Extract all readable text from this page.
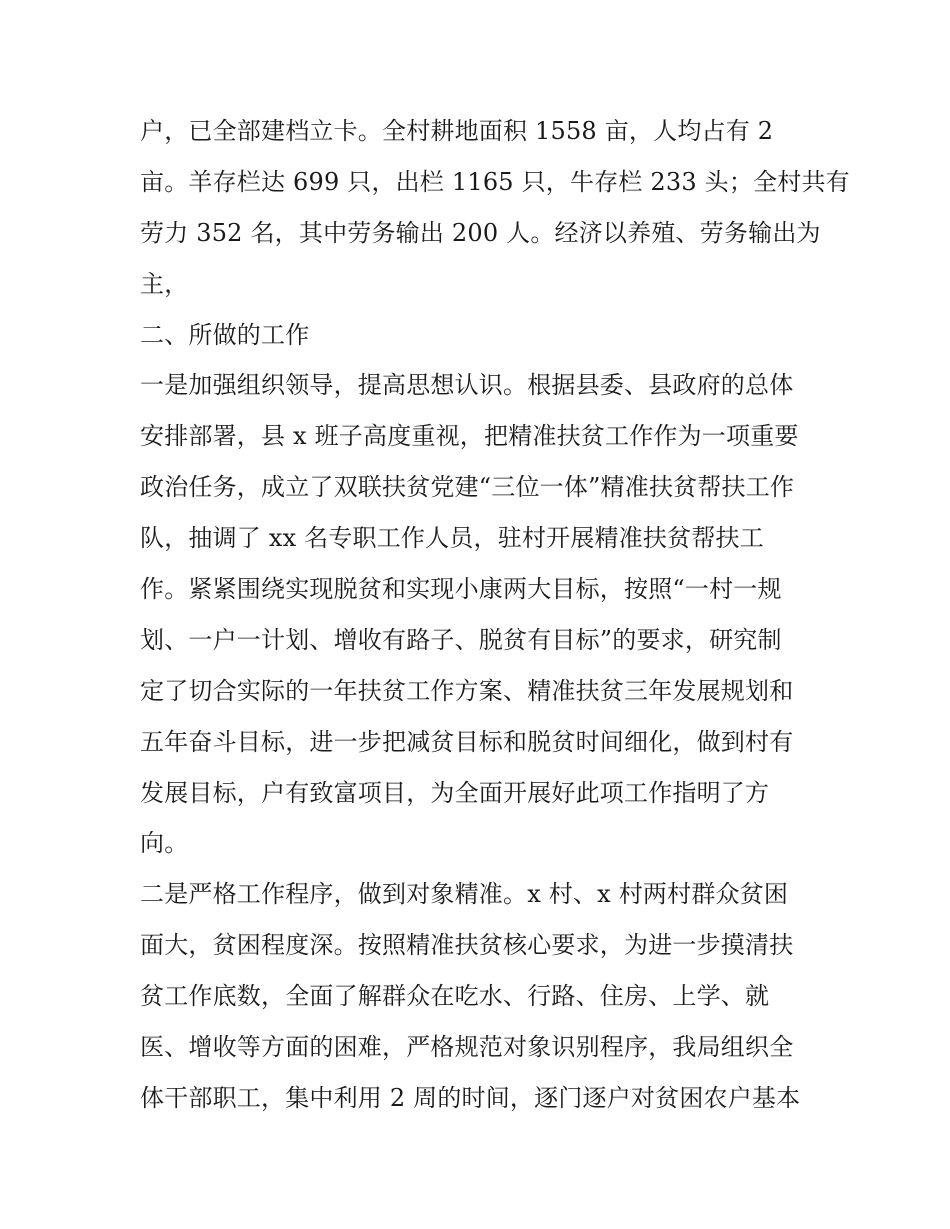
户，已全部建档立卡。全村耕地面积 1558 亩，人均占有 2
亩。羊存栏达 699 只，出栏 1165 只，牛存栏 233 头；全村共有
劳力 352 名，其中劳务输出 200 人。经济以养殖、劳务输出为
主，
二、所做的工作
一是加强组织领导，提高思想认识。根据县委、县政府的总体
安排部署，县 x 班子高度重视，把精准扶贫工作作为一项重要
政治任务，成立了双联扶贫党建“三位一体”精准扶贫帮扶工作
队，抽调了 xx 名专职工作人员，驻村开展精准扶贫帮扶工
作。紧紧围绕实现脱贫和实现小康两大目标，按照“一村一规
划、一户一计划、增收有路子、脱贫有目标”的要求，研究制
定了切合实际的一年扶贫工作方案、精准扶贫三年发展规划和
五年奋斗目标，进一步把减贫目标和脱贫时间细化，做到村有
发展目标，户有致富项目，为全面开展好此项工作指明了方
向。
二是严格工作程序，做到对象精准。x 村、x 村两村群众贫困
面大，贫困程度深。按照精准扶贫核心要求，为进一步摸清扶
贫工作底数，全面了解群众在吃水、行路、住房、上学、就
医、增收等方面的困难，严格规范对象识别程序，我局组织全
体干部职工，集中利用 2 周的时间，逐门逐户对贫困农户基本
